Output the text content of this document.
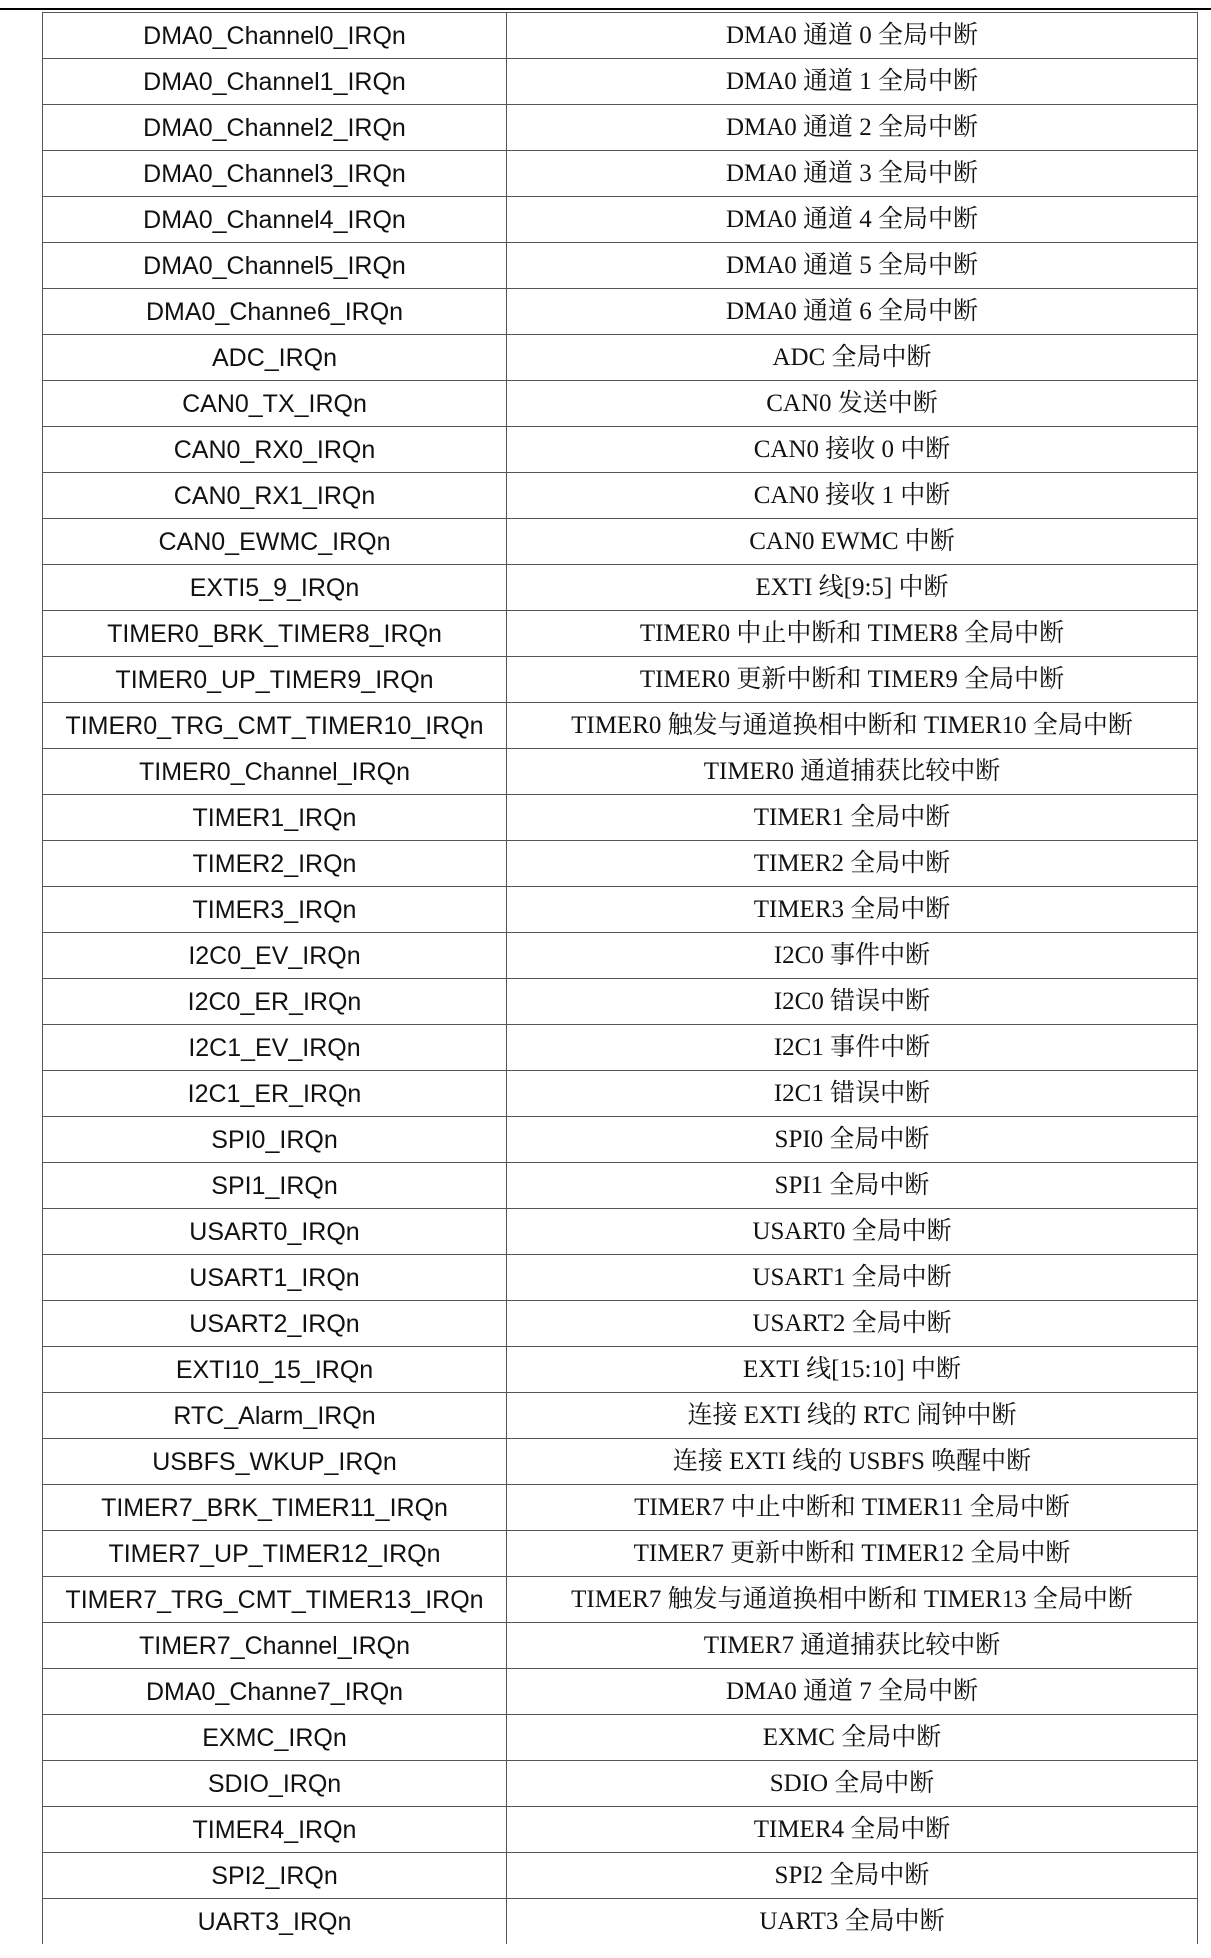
DMA0_Channel0_IRQn	DMA0 通道 0 全局中断
DMA0_Channel1_IRQn	DMA0 通道 1 全局中断
DMA0_Channel2_IRQn	DMA0 通道 2 全局中断
DMA0_Channel3_IRQn	DMA0 通道 3 全局中断
DMA0_Channel4_IRQn	DMA0 通道 4 全局中断
DMA0_Channel5_IRQn	DMA0 通道 5 全局中断
DMA0_Channe6_IRQn	DMA0 通道 6 全局中断
ADC_IRQn	ADC 全局中断
CAN0_TX_IRQn	CAN0 发送中断
CAN0_RX0_IRQn	CAN0 接收 0 中断
CAN0_RX1_IRQn	CAN0 接收 1 中断
CAN0_EWMC_IRQn	CAN0 EWMC 中断
EXTI5_9_IRQn	EXTI 线[9:5] 中断
TIMER0_BRK_TIMER8_IRQn	TIMER0 中止中断和 TIMER8 全局中断
TIMER0_UP_TIMER9_IRQn	TIMER0 更新中断和 TIMER9 全局中断
TIMER0_TRG_CMT_TIMER10_IRQn	TIMER0 触发与通道换相中断和 TIMER10 全局中断
TIMER0_Channel_IRQn	TIMER0 通道捕获比较中断
TIMER1_IRQn	TIMER1 全局中断
TIMER2_IRQn	TIMER2 全局中断
TIMER3_IRQn	TIMER3 全局中断
I2C0_EV_IRQn	I2C0 事件中断
I2C0_ER_IRQn	I2C0 错误中断
I2C1_EV_IRQn	I2C1 事件中断
I2C1_ER_IRQn	I2C1 错误中断
SPI0_IRQn	SPI0 全局中断
SPI1_IRQn	SPI1 全局中断
USART0_IRQn	USART0 全局中断
USART1_IRQn	USART1 全局中断
USART2_IRQn	USART2 全局中断
EXTI10_15_IRQn	EXTI 线[15:10] 中断
RTC_Alarm_IRQn	连接 EXTI 线的 RTC 闹钟中断
USBFS_WKUP_IRQn	连接 EXTI 线的 USBFS 唤醒中断
TIMER7_BRK_TIMER11_IRQn	TIMER7 中止中断和 TIMER11 全局中断
TIMER7_UP_TIMER12_IRQn	TIMER7 更新中断和 TIMER12 全局中断
TIMER7_TRG_CMT_TIMER13_IRQn	TIMER7 触发与通道换相中断和 TIMER13 全局中断
TIMER7_Channel_IRQn	TIMER7 通道捕获比较中断
DMA0_Channe7_IRQn	DMA0 通道 7 全局中断
EXMC_IRQn	EXMC 全局中断
SDIO_IRQn	SDIO 全局中断
TIMER4_IRQn	TIMER4 全局中断
SPI2_IRQn	SPI2 全局中断
UART3_IRQn	UART3 全局中断
